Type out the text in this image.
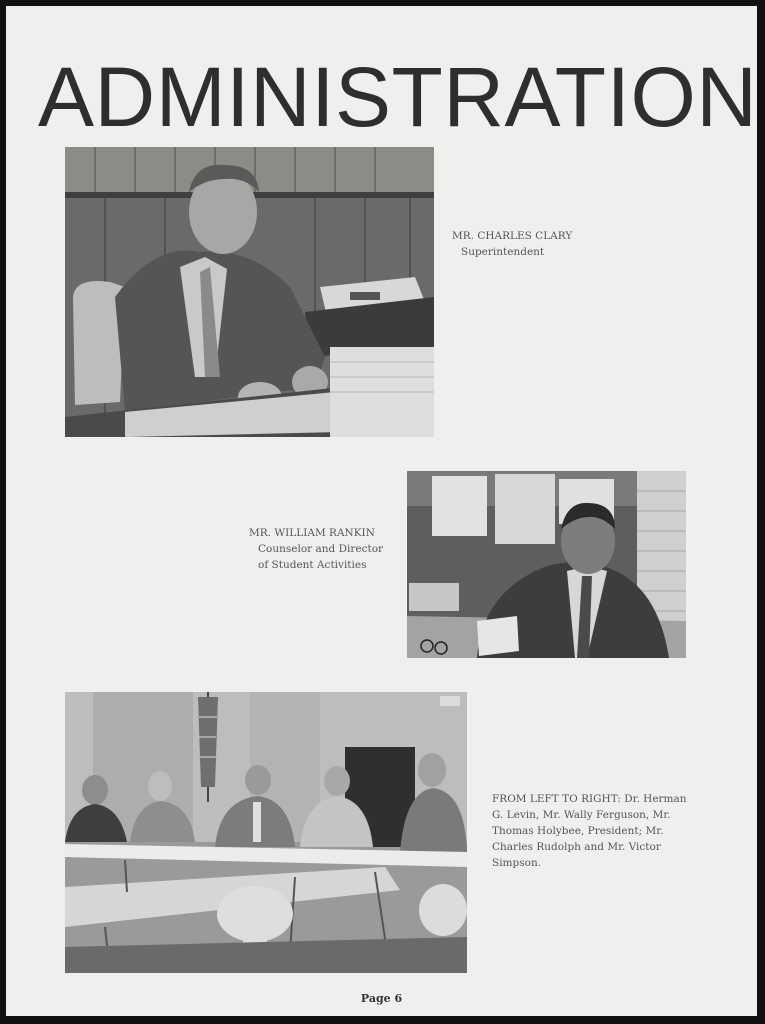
ADMINISTRATION

MR. CHARLES CLARY
Superintendent

MR. WILLIAM RANKIN
Counselor and Director
of Student Activities

FROM LEFT TO RIGHT: Dr. Herman
G. Levin, Mr. Wally Ferguson, Mr.
Thomas Holybee, President; Mr.
Charles Rudolph and Mr. Victor
Simpson.

Page 6
